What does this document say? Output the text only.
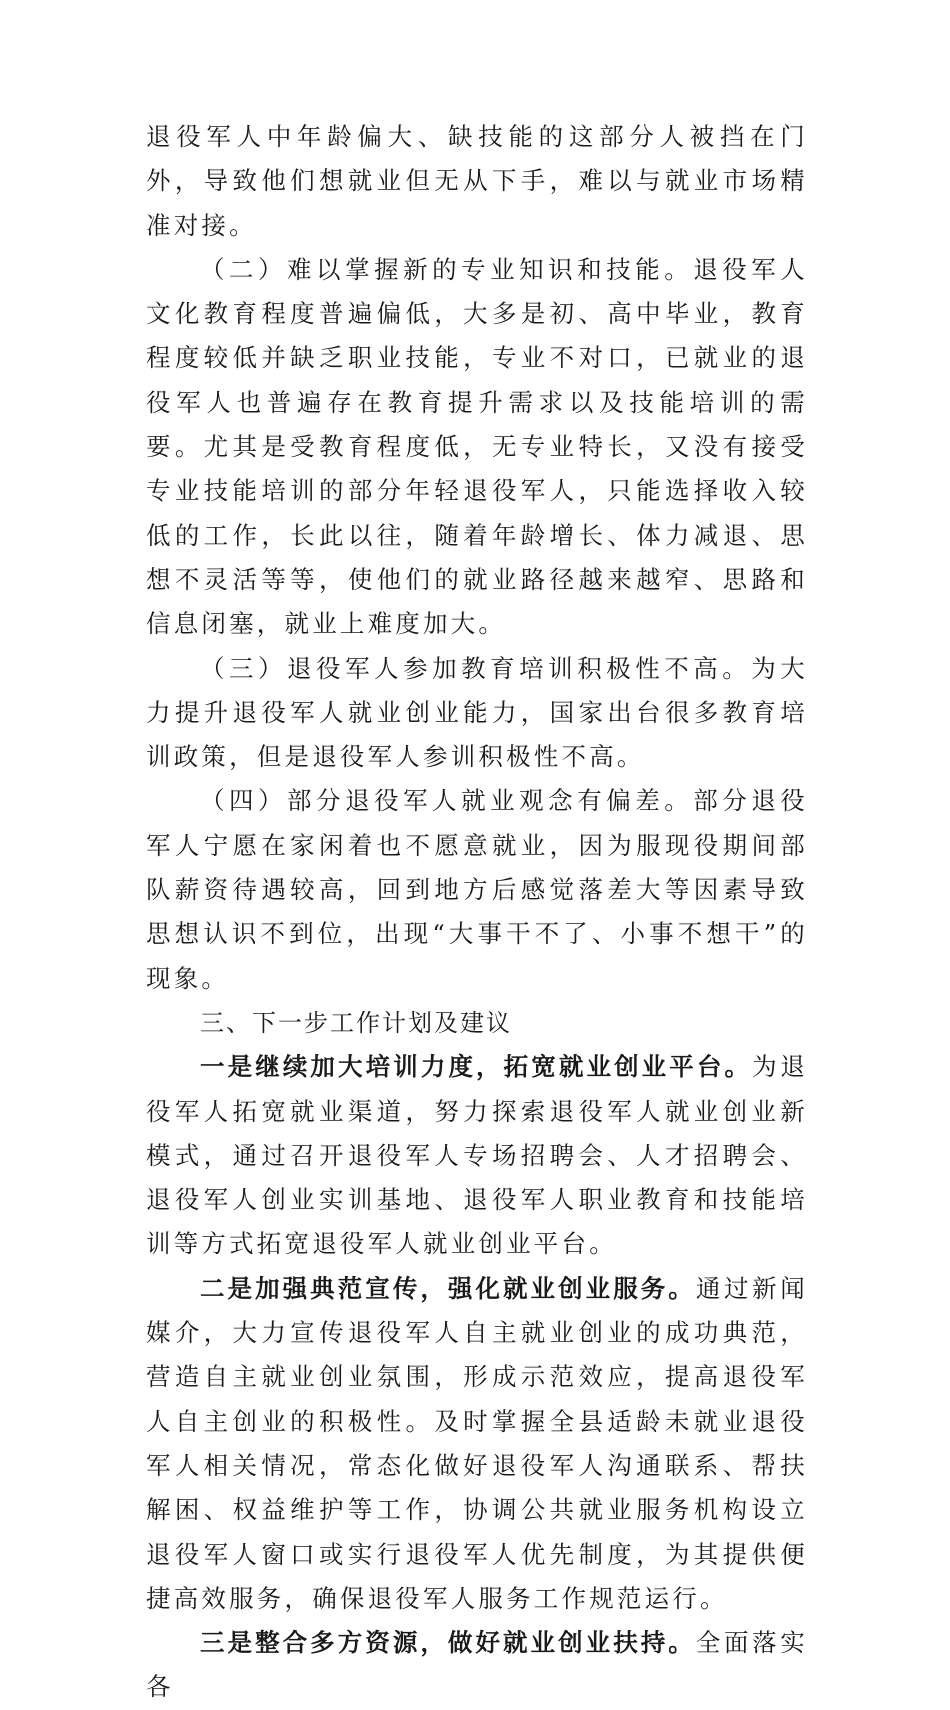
退役军人中年龄偏大、缺技能的这部分人被挡在门外，导致他们想就业但无从下手，难以与就业市场精准对接。

（二）难以掌握新的专业知识和技能。退役军人文化教育程度普遍偏低，大多是初、高中毕业，教育程度较低并缺乏职业技能，专业不对口，已就业的退役军人也普遍存在教育提升需求以及技能培训的需要。尤其是受教育程度低，无专业特长，又没有接受专业技能培训的部分年轻退役军人，只能选择收入较低的工作，长此以往，随着年龄增长、体力减退、思想不灵活等等，使他们的就业路径越来越窄、思路和信息闭塞，就业上难度加大。

（三）退役军人参加教育培训积极性不高。为大力提升退役军人就业创业能力，国家出台很多教育培训政策，但是退役军人参训积极性不高。

（四）部分退役军人就业观念有偏差。部分退役军人宁愿在家闲着也不愿意就业，因为服现役期间部队薪资待遇较高，回到地方后感觉落差大等因素导致思想认识不到位，出现“大事干不了、小事不想干”的现象。

三、下一步工作计划及建议

一是继续加大培训力度，拓宽就业创业平台。为退役军人拓宽就业渠道，努力探索退役军人就业创业新模式，通过召开退役军人专场招聘会、人才招聘会、退役军人创业实训基地、退役军人职业教育和技能培训等方式拓宽退役军人就业创业平台。

二是加强典范宣传，强化就业创业服务。通过新闻媒介，大力宣传退役军人自主就业创业的成功典范，营造自主就业创业氛围，形成示范效应，提高退役军人自主创业的积极性。及时掌握全县适龄未就业退役军人相关情况，常态化做好退役军人沟通联系、帮扶解困、权益维护等工作，协调公共就业服务机构设立退役军人窗口或实行退役军人优先制度，为其提供便捷高效服务，确保退役军人服务工作规范运行。

三是整合多方资源，做好就业创业扶持。全面落实各
